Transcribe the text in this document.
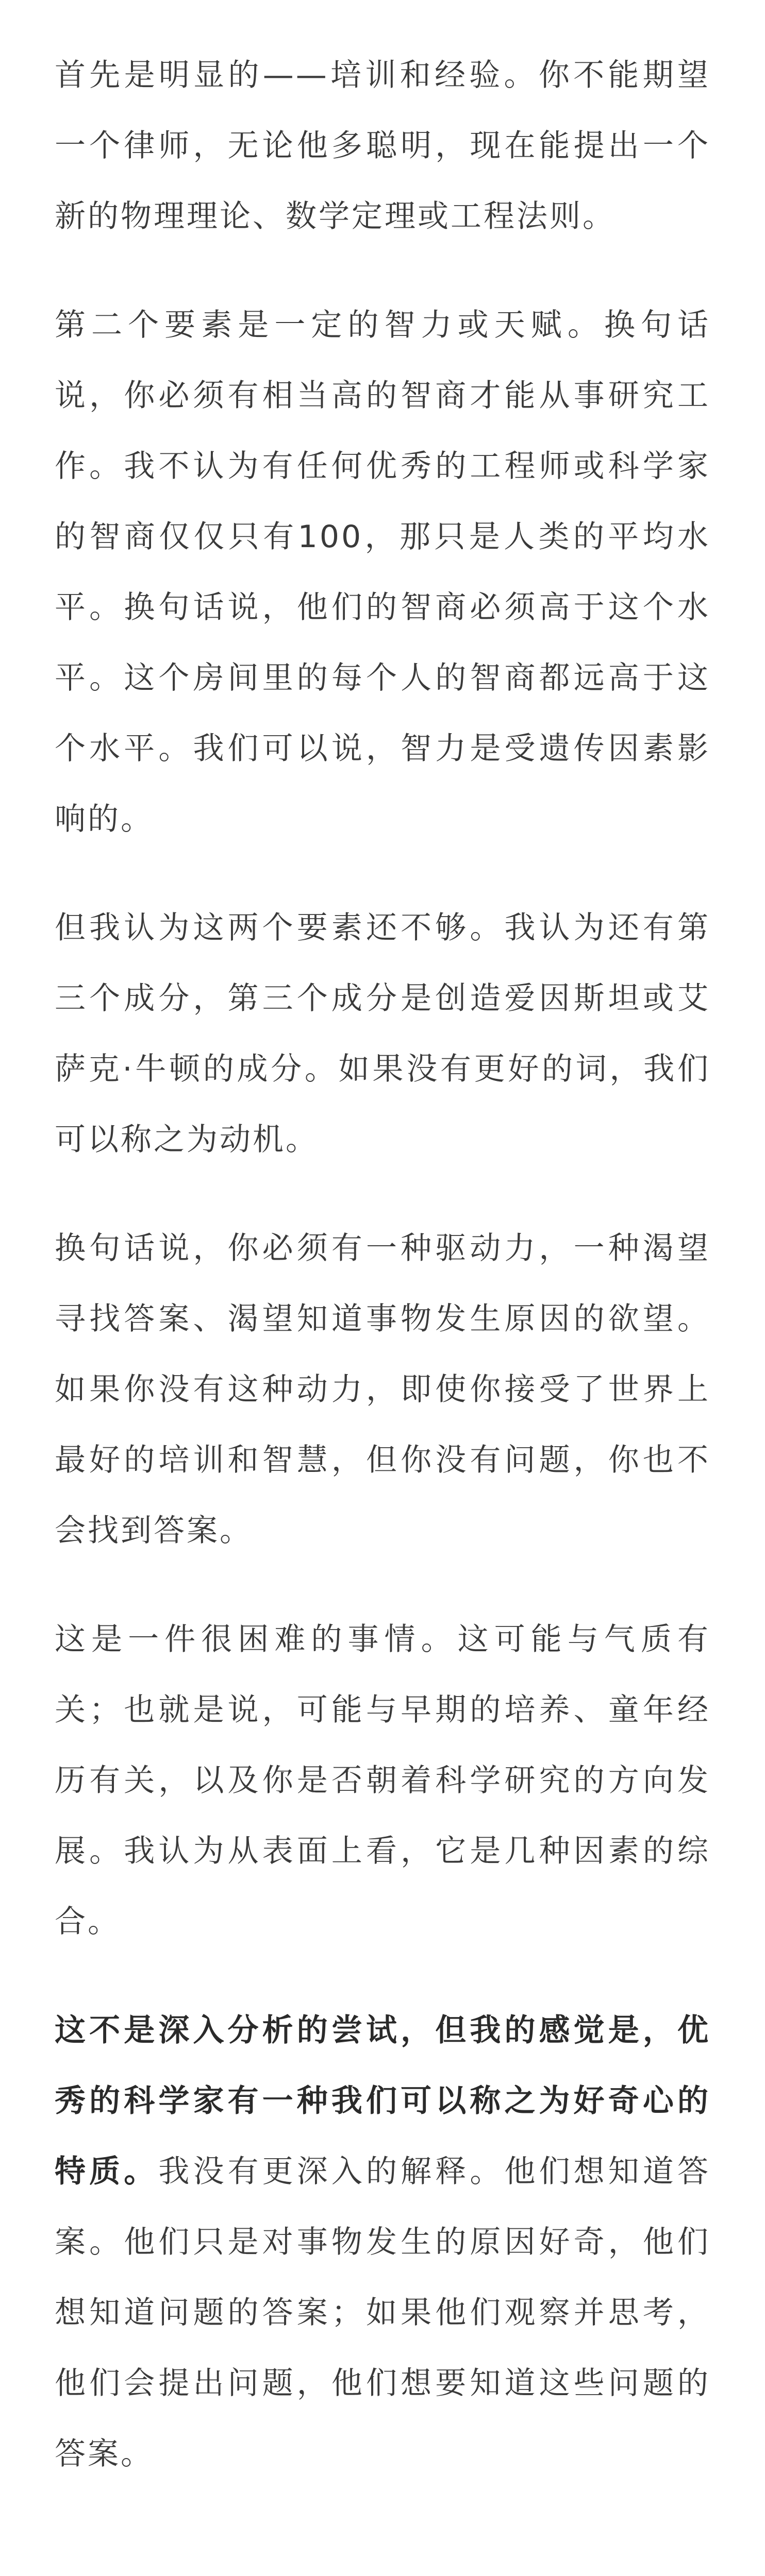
首先是明显的——培训和经验。你不能期望一个律师，无论他多聪明，现在能提出一个新的物理理论、数学定理或工程法则。

第二个要素是一定的智力或天赋。换句话说，你必须有相当高的智商才能从事研究工作。我不认为有任何优秀的工程师或科学家的智商仅仅只有100，那只是人类的平均水平。换句话说，他们的智商必须高于这个水平。这个房间里的每个人的智商都远高于这个水平。我们可以说，智力是受遗传因素影响的。

但我认为这两个要素还不够。我认为还有第三个成分，第三个成分是创造爱因斯坦或艾萨克·牛顿的成分。如果没有更好的词，我们可以称之为动机。

换句话说，你必须有一种驱动力，一种渴望寻找答案、渴望知道事物发生原因的欲望。如果你没有这种动力，即使你接受了世界上最好的培训和智慧，但你没有问题，你也不会找到答案。

这是一件很困难的事情。这可能与气质有关；也就是说，可能与早期的培养、童年经历有关，以及你是否朝着科学研究的方向发展。我认为从表面上看，它是几种因素的综合。

这不是深入分析的尝试，但我的感觉是，优秀的科学家有一种我们可以称之为好奇心的特质。我没有更深入的解释。他们想知道答案。他们只是对事物发生的原因好奇，他们想知道问题的答案；如果他们观察并思考，他们会提出问题，他们想要知道这些问题的答案。
